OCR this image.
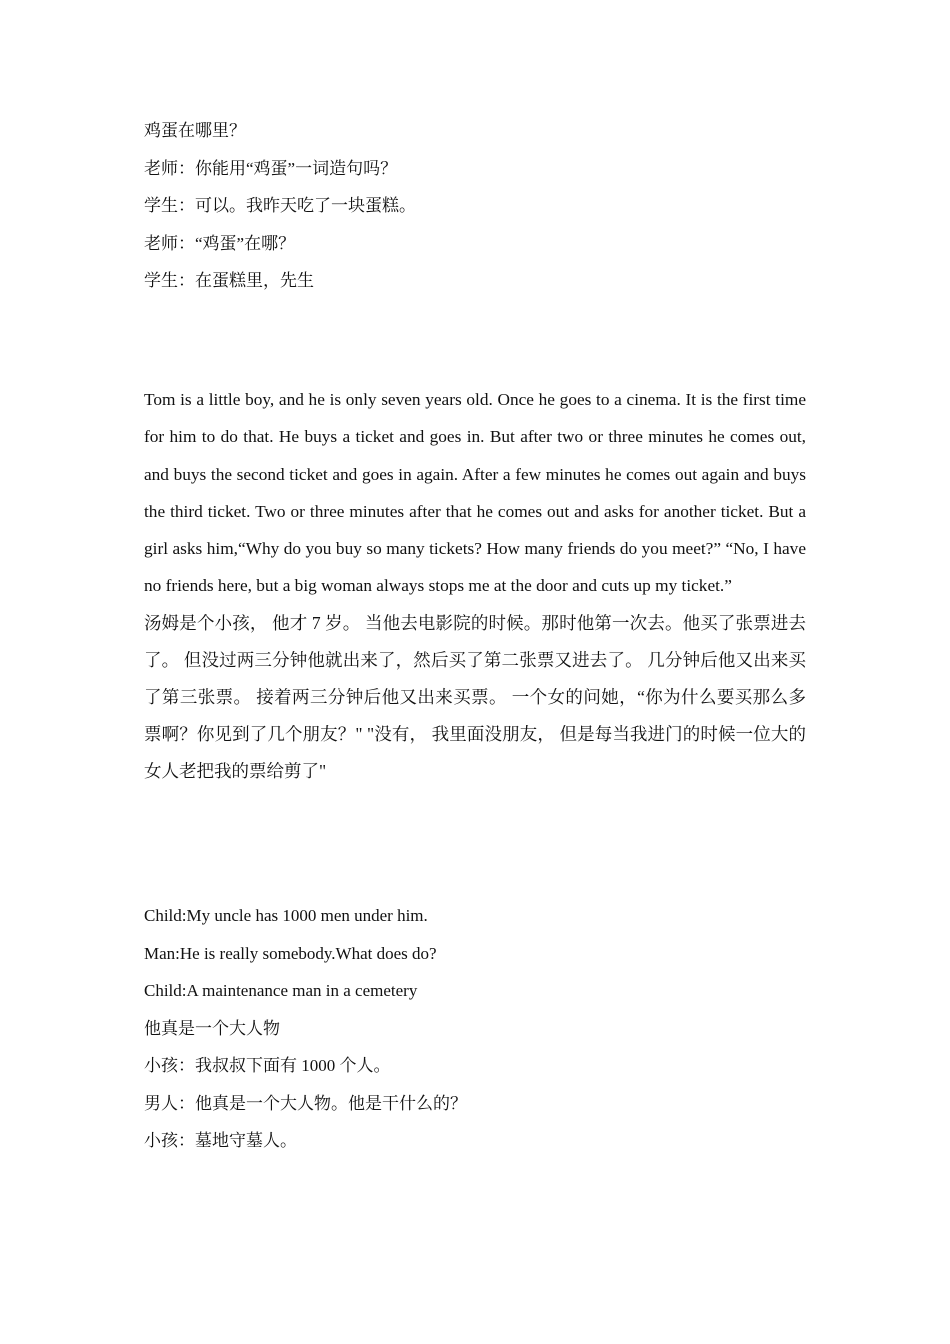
鸡蛋在哪里？

老师：你能用“鸡蛋”一词造句吗？

学生：可以。我昨天吃了一块蛋糕。

老师：“鸡蛋”在哪？

学生：在蛋糕里，先生

Tom is a little boy, and he is only seven years old. Once he goes to a cinema. It is the first time for him to do that. He buys a ticket and goes in. But after two or three minutes he comes out, and buys the second ticket and goes in again. After a few minutes he comes out again and buys the third ticket. Two or three minutes after that he comes out and asks for another ticket. But a girl asks him,“Why do you buy so many tickets? How many friends do you meet?” “No, I have no friends here, but a big woman always stops me at the door and cuts up my ticket.”

汤姆是个小孩， 他才 7 岁。 当他去电影院的时候。那时他第一次去。他买了张票进去了。 但没过两三分钟他就出来了，然后买了第二张票又进去了。 几分钟后他又出来买了第三张票。 接着两三分钟后他又出来买票。 一个女的问她，“你为什么要买那么多票啊？你见到了几个朋友？" "没有， 我里面没朋友， 但是每当我进门的时候一位大的女人老把我的票给剪了"

Child:My uncle has 1000 men under him.

Man:He is really somebody.What does do?

Child:A maintenance man in a cemetery

他真是一个大人物

小孩：我叔叔下面有 1000 个人。

男人：他真是一个大人物。他是干什么的？

小孩：墓地守墓人。
